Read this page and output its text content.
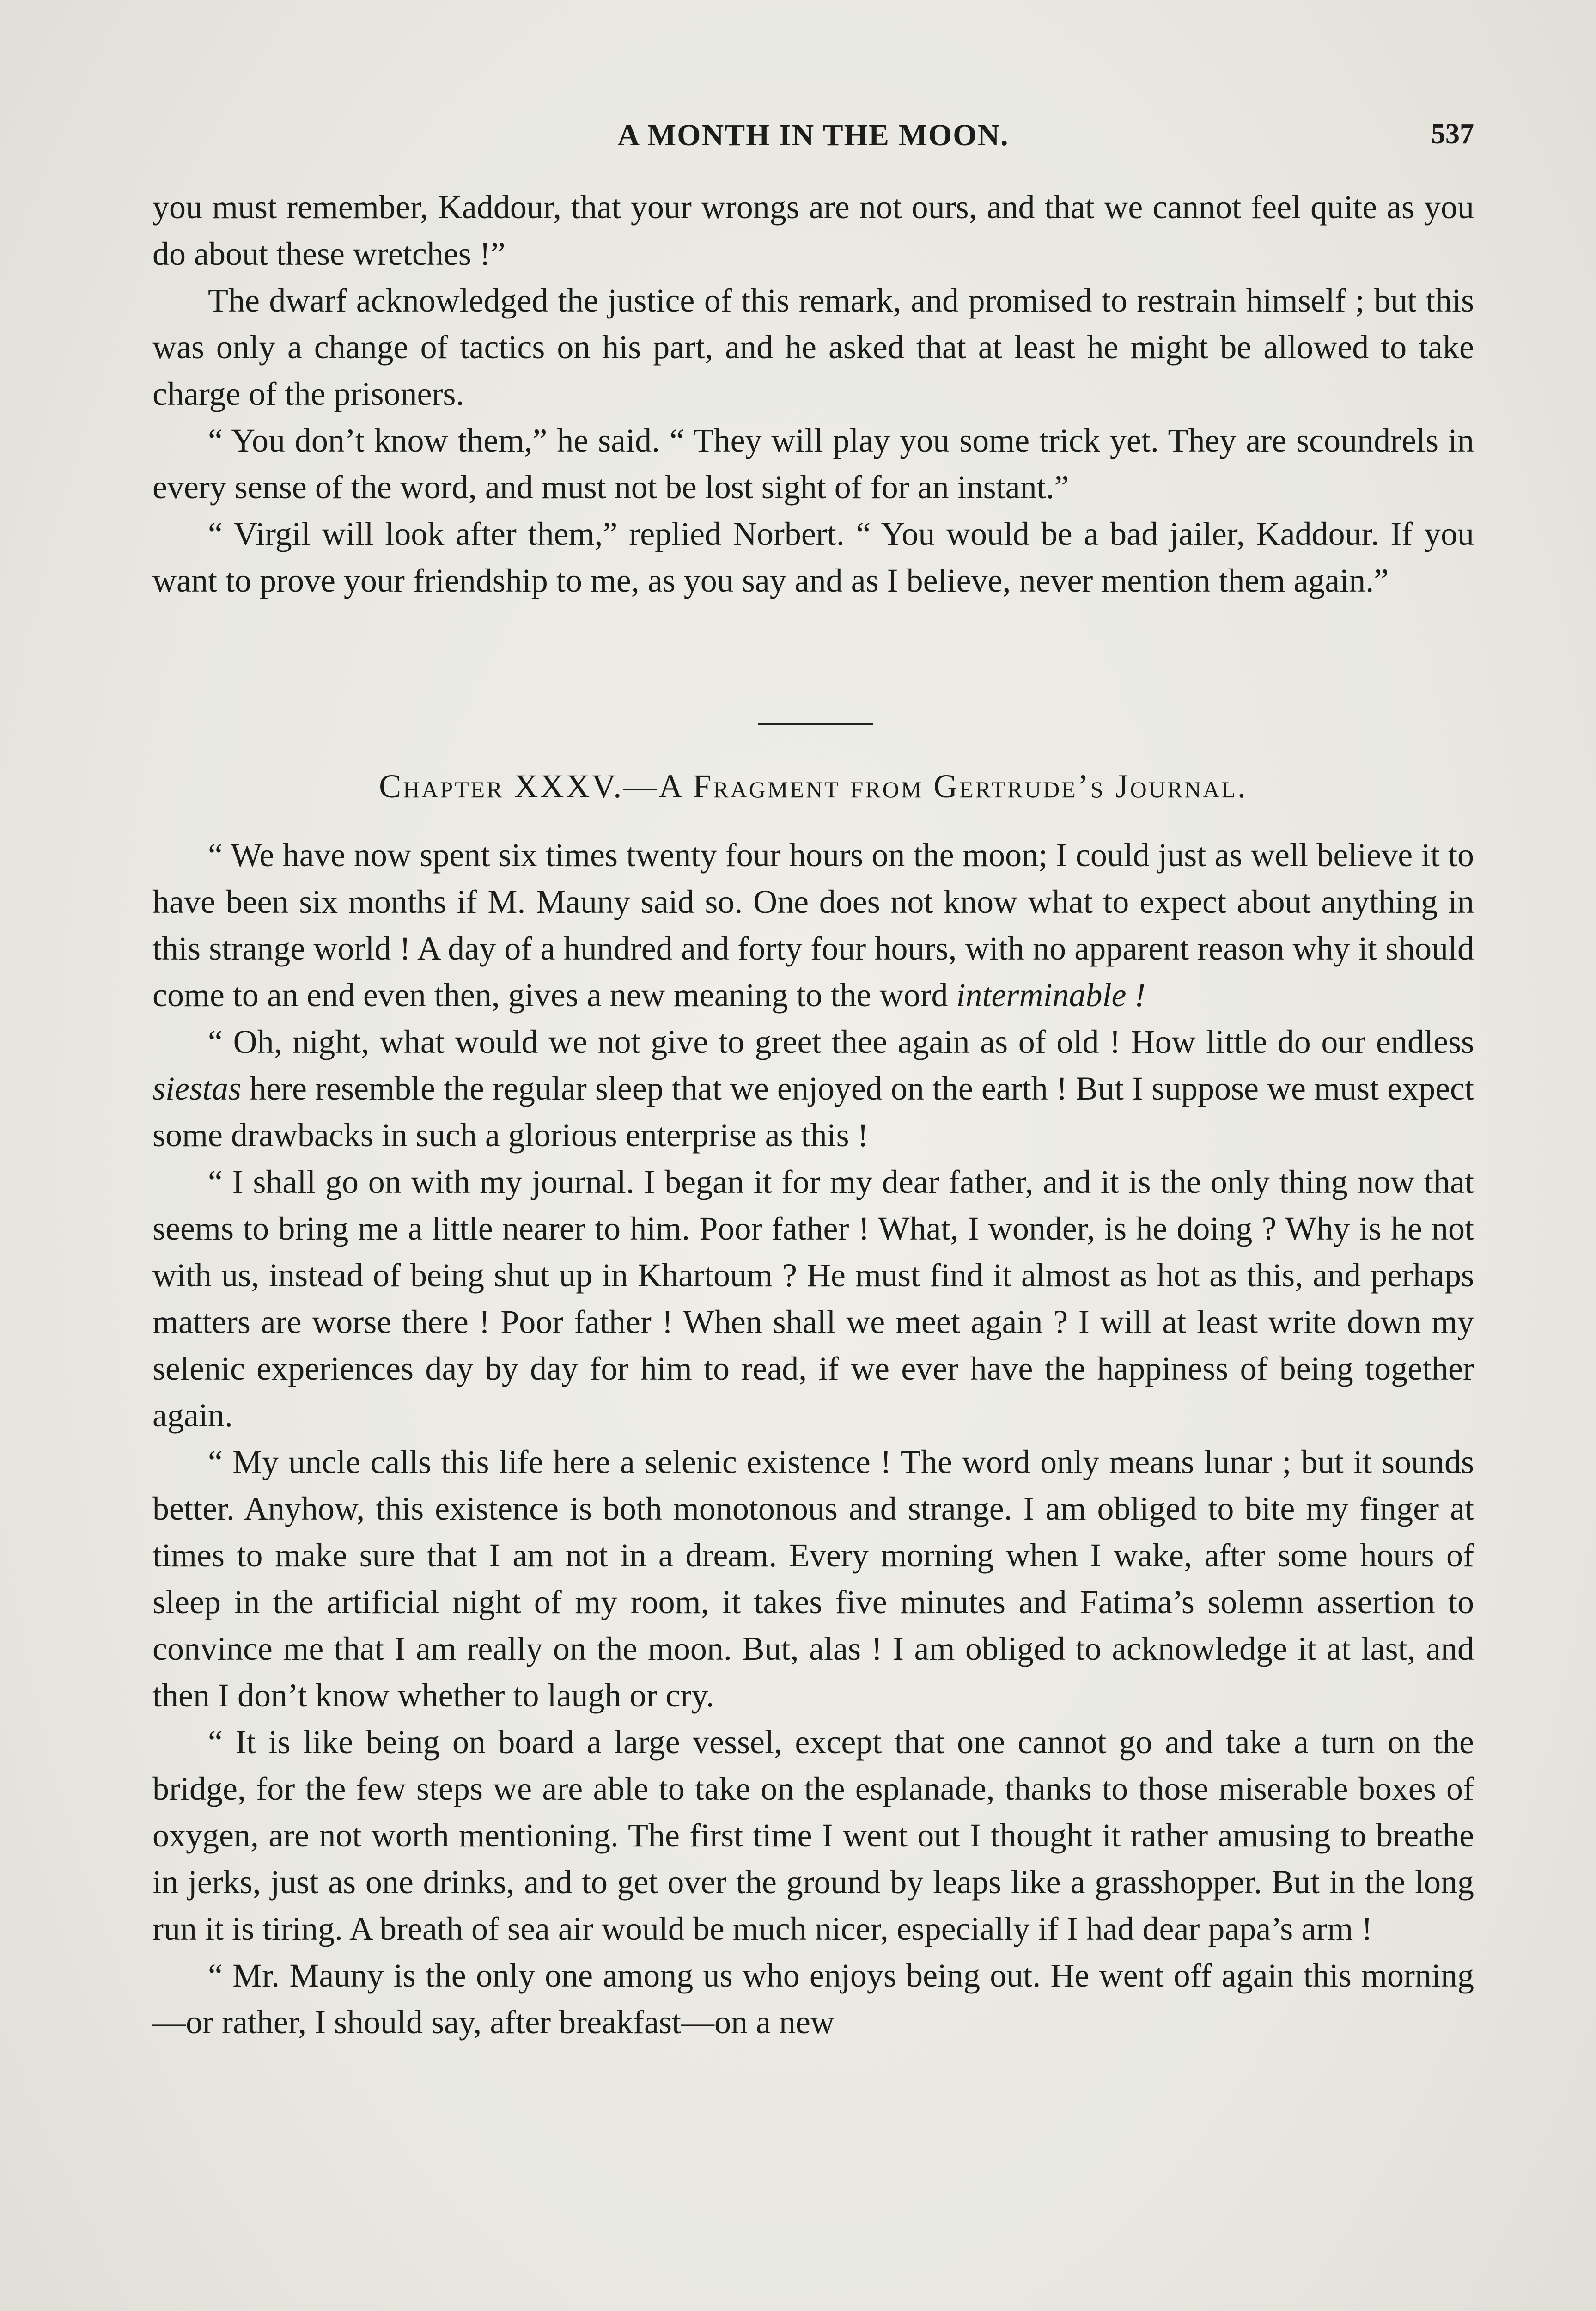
A MONTH IN THE MOON.	537

you must remember, Kaddour, that your wrongs are not ours, and that we cannot feel quite as you do about these wretches !”

The dwarf acknowledged the justice of this remark, and promised to restrain himself ; but this was only a change of tactics on his part, and he asked that at least he might be allowed to take charge of the prisoners.

“ You don’t know them,” he said. “ They will play you some trick yet. They are scoundrels in every sense of the word, and must not be lost sight of for an instant.”

“ Virgil will look after them,” replied Norbert. “ You would be a bad jailer, Kaddour. If you want to prove your friendship to me, as you say and as I believe, never mention them again.”

Chapter XXXV.—A Fragment from Gertrude’s Journal.

“ We have now spent six times twenty four hours on the moon; I could just as well believe it to have been six months if M. Mauny said so. One does not know what to expect about anything in this strange world ! A day of a hundred and forty four hours, with no apparent reason why it should come to an end even then, gives a new meaning to the word interminable !

“ Oh, night, what would we not give to greet thee again as of old ! How little do our endless siestas here resemble the regular sleep that we enjoyed on the earth ! But I suppose we must expect some drawbacks in such a glorious enterprise as this !

“ I shall go on with my journal. I began it for my dear father, and it is the only thing now that seems to bring me a little nearer to him. Poor father ! What, I wonder, is he doing ? Why is he not with us, instead of being shut up in Khartoum ? He must find it almost as hot as this, and perhaps matters are worse there ! Poor father ! When shall we meet again ? I will at least write down my selenic experiences day by day for him to read, if we ever have the happiness of being together again.

“ My uncle calls this life here a selenic existence ! The word only means lunar ; but it sounds better. Anyhow, this existence is both monotonous and strange. I am obliged to bite my finger at times to make sure that I am not in a dream. Every morning when I wake, after some hours of sleep in the artificial night of my room, it takes five minutes and Fatima’s solemn assertion to convince me that I am really on the moon. But, alas ! I am obliged to acknowledge it at last, and then I don’t know whether to laugh or cry.

“ It is like being on board a large vessel, except that one cannot go and take a turn on the bridge, for the few steps we are able to take on the esplanade, thanks to those miserable boxes of oxygen, are not worth mentioning. The first time I went out I thought it rather amusing to breathe in jerks, just as one drinks, and to get over the ground by leaps like a grasshopper. But in the long run it is tiring. A breath of sea air would be much nicer, especially if I had dear papa’s arm !

“ Mr. Mauny is the only one among us who enjoys being out. He went off again this morning—or rather, I should say, after breakfast—on a new
